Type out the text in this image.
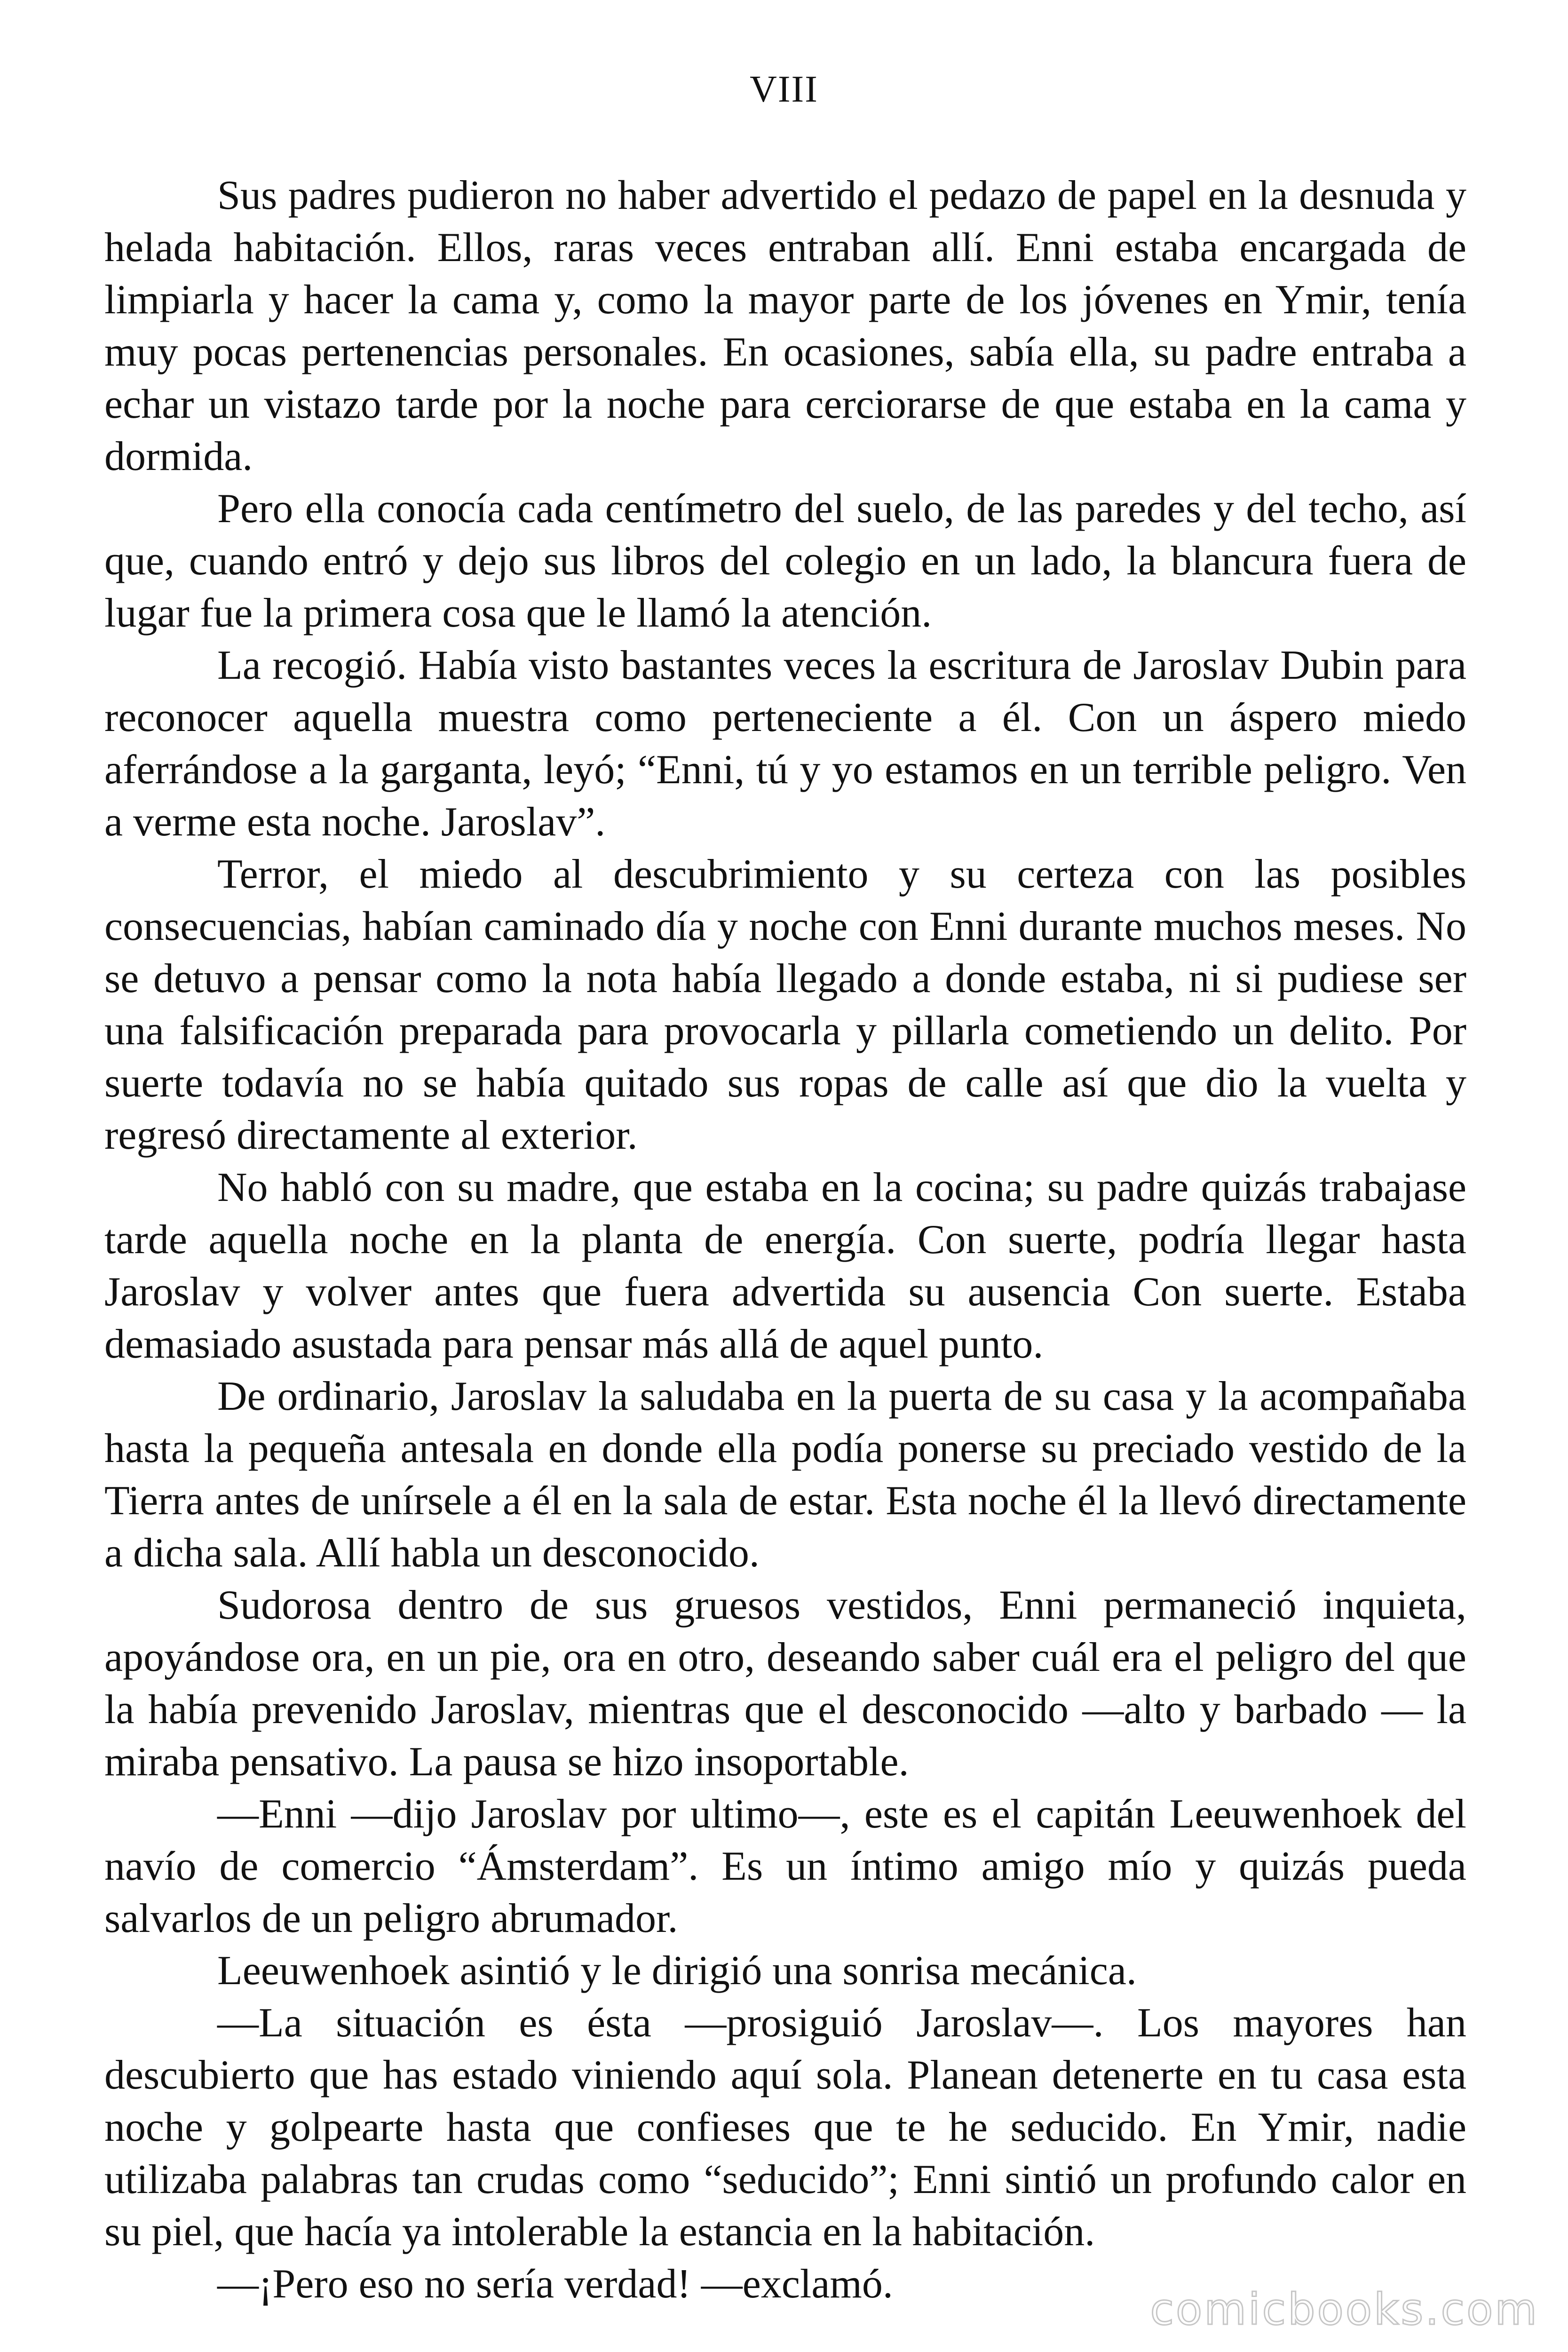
VIII

Sus padres pudieron no haber advertido el pedazo de papel en la desnuda y helada habitación. Ellos, raras veces entraban allí. Enni estaba encargada de limpiarla y hacer la cama y, como la mayor parte de los jóvenes en Ymir, tenía muy pocas pertenencias personales. En ocasiones, sabía ella, su padre entraba a echar un vistazo tarde por la noche para cerciorarse de que estaba en la cama y dormida.

Pero ella conocía cada centímetro del suelo, de las paredes y del techo, así que, cuando entró y dejo sus libros del colegio en un lado, la blancura fuera de lugar fue la primera cosa que le llamó la atención.

La recogió. Había visto bastantes veces la escritura de Jaroslav Dubin para reconocer aquella muestra como perteneciente a él. Con un áspero miedo aferrándose a la garganta, leyó; “Enni, tú y yo estamos en un terrible peligro. Ven a verme esta noche. Jaroslav”.

Terror, el miedo al descubrimiento y su certeza con las posibles consecuencias, habían caminado día y noche con Enni durante muchos meses. No se detuvo a pensar como la nota había llegado a donde estaba, ni si pudiese ser una falsificación preparada para provocarla y pillarla cometiendo un delito. Por suerte todavía no se había quitado sus ropas de calle así que dio la vuelta y regresó directamente al exterior.

No habló con su madre, que estaba en la cocina; su padre quizás trabajase tarde aquella noche en la planta de energía. Con suerte, podría llegar hasta Jaroslav y volver antes que fuera advertida su ausencia Con suerte. Estaba demasiado asustada para pensar más allá de aquel punto.

De ordinario, Jaroslav la saludaba en la puerta de su casa y la acompañaba hasta la pequeña antesala en donde ella podía ponerse su preciado vestido de la Tierra antes de unírsele a él en la sala de estar. Esta noche él la llevó directamente a dicha sala. Allí habla un desconocido.

Sudorosa dentro de sus gruesos vestidos, Enni permaneció inquieta, apoyándose ora, en un pie, ora en otro, deseando saber cuál era el peligro del que la había prevenido Jaroslav, mientras que el desconocido —alto y barbado — la miraba pensativo. La pausa se hizo insoportable.

—Enni —dijo Jaroslav por ultimo—, este es el capitán Leeuwenhoek del navío de comercio “Ámsterdam”. Es un íntimo amigo mío y quizás pueda salvarlos de un peligro abrumador.

Leeuwenhoek asintió y le dirigió una sonrisa mecánica.

—La situación es ésta —prosiguió Jaroslav—. Los mayores han descubierto que has estado viniendo aquí sola. Planean detenerte en tu casa esta noche y golpearte hasta que confieses que te he seducido. En Ymir, nadie utilizaba palabras tan crudas como “seducido”; Enni sintió un profundo calor en su piel, que hacía ya intolerable la estancia en la habitación.

—¡Pero eso no sería verdad! —exclamó.

comicbooks.com
